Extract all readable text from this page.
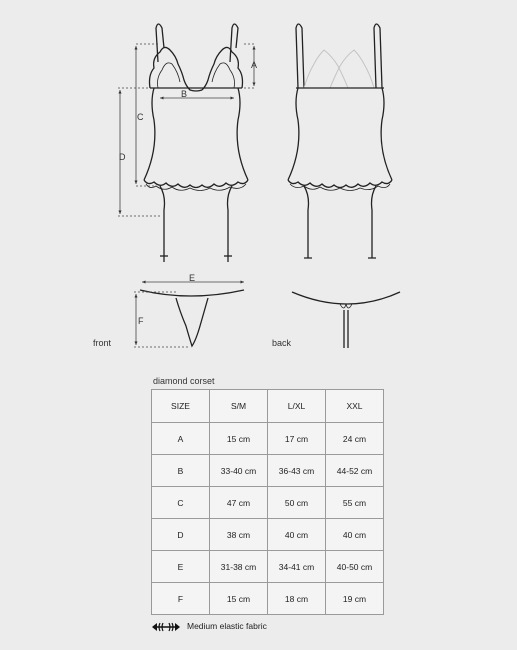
A
B
C
D
E
F
front	back
diamond corset
SIZE	S/M	L/XL	XXL
A	15 cm	17 cm	24 cm
B	33-40 cm	36-43 cm	44-52 cm
C	47 cm	50 cm	55 cm
D	38 cm	40 cm	40 cm
E	31-38 cm	34-41 cm	40-50 cm
F	15 cm	18 cm	19 cm
Medium elastic fabric
